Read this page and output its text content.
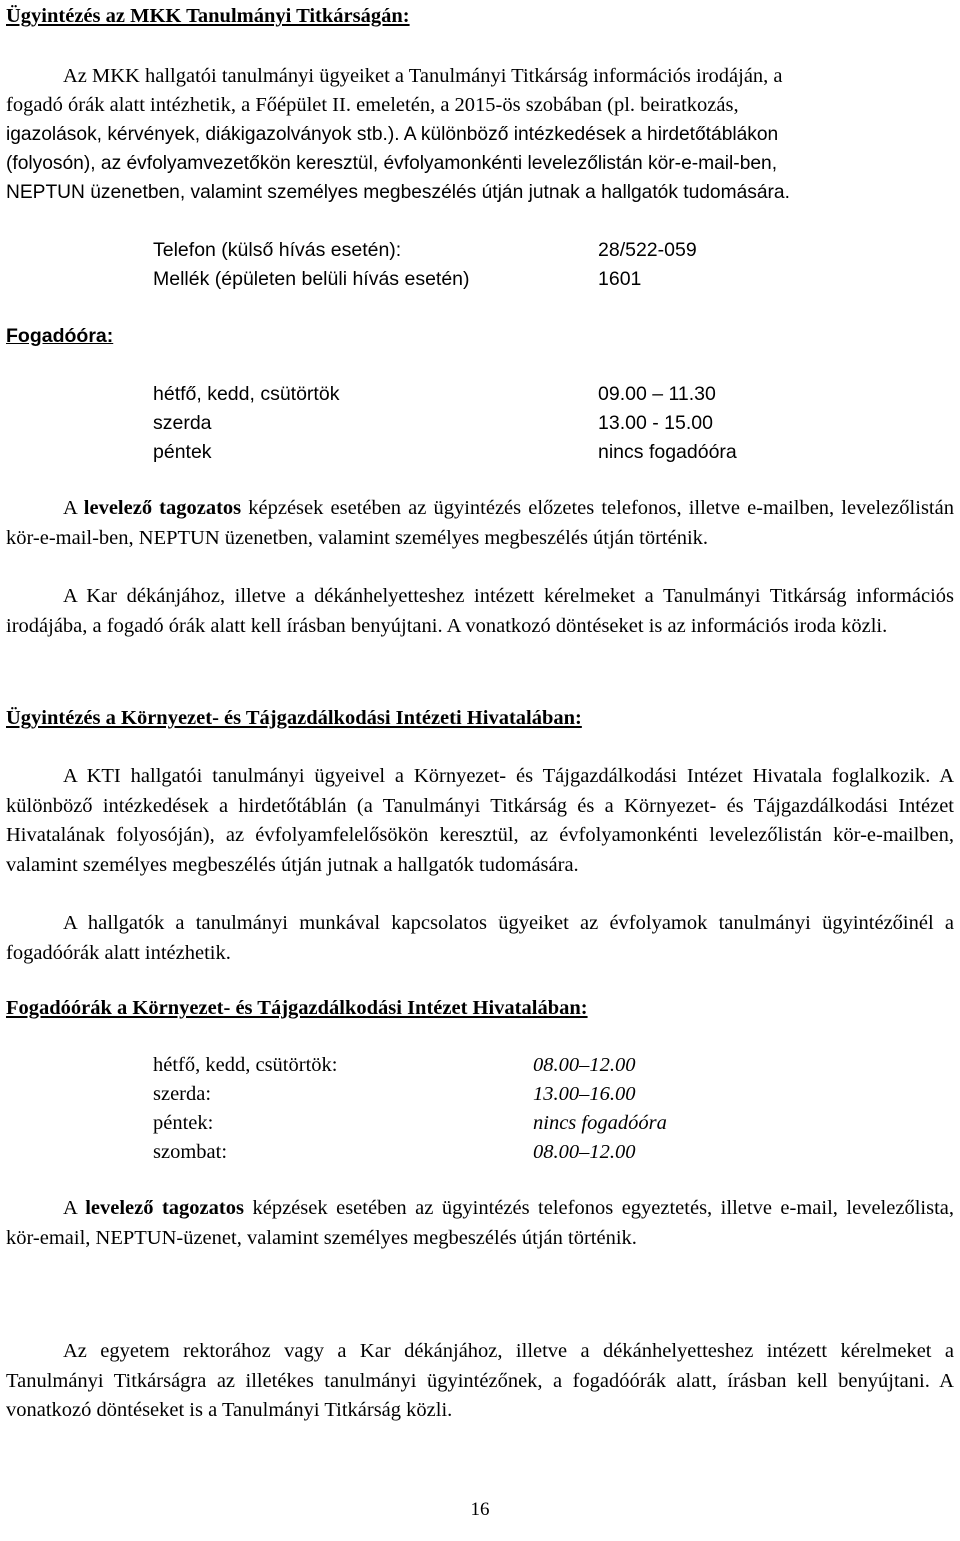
Ügyintézés az MKK Tanulmányi Titkárságán:
Az MKK hallgatói tanulmányi ügyeiket a Tanulmányi Titkárság információs irodáján, a
fogadó órák alatt intézhetik, a Főépület II. emeletén, a 2015-ös szobában (pl. beiratkozás,
igazolások, kérvények, diákigazolványok stb.). A különböző intézkedések a hirdetőtáblákon
(folyosón), az évfolyamvezetőkön keresztül, évfolyamonkénti levelezőlistán kör-e-mail-ben,
NEPTUN üzenetben, valamint személyes megbeszélés útján jutnak a hallgatók tudomására.
Telefon (külső hívás esetén):	28/522-059
Mellék (épületen belüli hívás esetén)	1601
Fogadóóra:
hétfő, kedd, csütörtök	09.00 – 11.30
szerda	13.00 - 15.00
péntek	nincs fogadóóra

A levelező tagozatos képzések esetében az ügyintézés előzetes telefonos, illetve e-mailben, levelezőlistán kör-e-mail-ben, NEPTUN üzenetben, valamint személyes megbeszélés útján történik.

A Kar dékánjához, illetve a dékánhelyetteshez intézett kérelmeket a Tanulmányi Titkárság információs irodájába, a fogadó órák alatt kell írásban benyújtani. A vonatkozó döntéseket is az információs iroda közli.

Ügyintézés a Környezet- és Tájgazdálkodási Intézeti Hivatalában:

A KTI hallgatói tanulmányi ügyeivel a Környezet- és Tájgazdálkodási Intézet Hivatala foglalkozik. A különböző intézkedések a hirdetőtáblán (a Tanulmányi Titkárság és a Környezet- és Tájgazdálkodási Intézet Hivatalának folyosóján), az évfolyamfelelősökön keresztül, az évfolyamonkénti levelezőlistán kör-e-mailben, valamint személyes megbeszélés útján jutnak a hallgatók tudomására.

A hallgatók a tanulmányi munkával kapcsolatos ügyeiket az évfolyamok tanulmányi ügyintézőinél a fogadóórák alatt intézhetik.

Fogadóórák a Környezet- és Tájgazdálkodási Intézet Hivatalában:
hétfő, kedd, csütörtök:	08.00–12.00
szerda:	13.00–16.00
péntek:	nincs fogadóóra
szombat:	08.00–12.00

A levelező tagozatos képzések esetében az ügyintézés telefonos egyeztetés, illetve e-mail, levelezőlista, kör-email, NEPTUN-üzenet, valamint személyes megbeszélés útján történik.

Az egyetem rektorához vagy a Kar dékánjához, illetve a dékánhelyetteshez intézett kérelmeket a Tanulmányi Titkárságra az illetékes tanulmányi ügyintézőnek, a fogadóórák alatt, írásban kell benyújtani. A vonatkozó döntéseket is a Tanulmányi Titkárság közli.

16
